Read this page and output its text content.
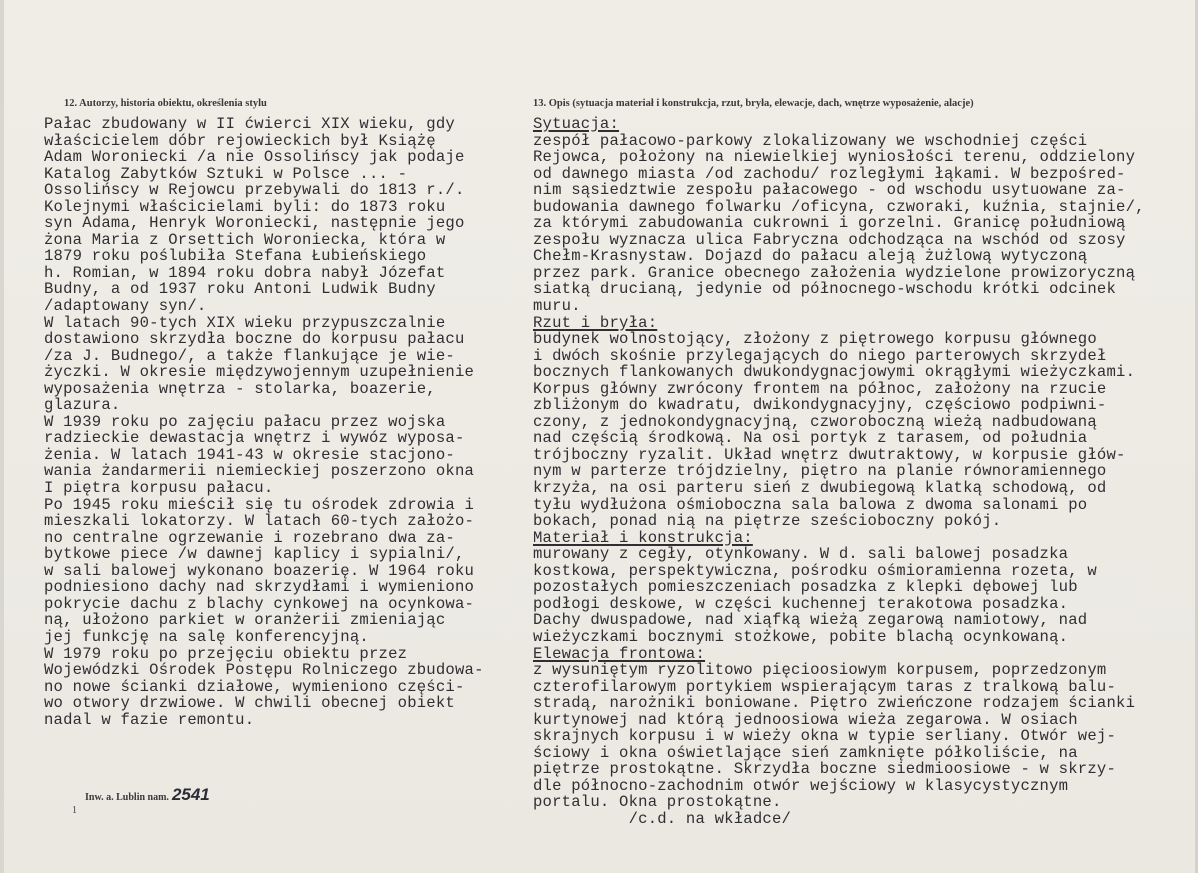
12. Autorzy, historia obiektu, określenia stylu	13. Opis (sytuacja materiał i konstrukcja, rzut, bryła, elewacje, dach, wnętrze wyposażenie, alacje)
Pałac zbudowany w II ćwierci XIX wieku, gdy
właścicielem dóbr rejowieckich był Książę
Adam Woroniecki /a nie Ossolińscy jak podaje
Katalog Zabytków Sztuki w Polsce ... -
Ossolińscy w Rejowcu przebywali do 1813 r./.
Kolejnymi właścicielami byli: do 1873 roku
syn Adama, Henryk Woroniecki, następnie jego
żona Maria z Orsettich Woroniecka, która w
1879 roku poślubiła Stefana Łubieńskiego
h. Romian, w 1894 roku dobra nabył Józefat
Budny, a od 1937 roku Antoni Ludwik Budny
/adaptowany syn/.
W latach 90-tych XIX wieku przypuszczalnie
dostawiono skrzydła boczne do korpusu pałacu
/za J. Budnego/, a także flankujące je wie-
życzki. W okresie międzywojennym uzupełnienie
wyposażenia wnętrza - stolarka, boazerie,
glazura.
W 1939 roku po zajęciu pałacu przez wojska
radzieckie dewastacja wnętrz i wywóz wyposa-
żenia. W latach 1941-43 w okresie stacjono-
wania żandarmerii niemieckiej poszerzono okna
I piętra korpusu pałacu.
Po 1945 roku mieścił się tu ośrodek zdrowia i
mieszkali lokatorzy. W latach 60-tych założo-
no centralne ogrzewanie i rozebrano dwa za-
bytkowe piece /w dawnej kaplicy i sypialni/,
w sali balowej wykonano boazerię. W 1964 roku
podniesiono dachy nad skrzydłami i wymieniono
pokrycie dachu z blachy cynkowej na ocynkowa-
ną, ułożono parkiet w oranżerii zmieniając
jej funkcję na salę konferencyjną.
W 1979 roku po przejęciu obiektu przez
Wojewódzki Ośrodek Postępu Rolniczego zbudowa-
no nowe ścianki działowe, wymieniono części-
wo otwory drzwiowe. W chwili obecnej obiekt
nadal w fazie remontu.
Sytuacja:
zespół pałacowo-parkowy zlokalizowany we wschodniej części
Rejowca, położony na niewielkiej wyniosłości terenu, oddzielony
od dawnego miasta /od zachodu/ rozległymi łąkami. W bezpośred-
nim sąsiedztwie zespołu pałacowego - od wschodu usytuowane za-
budowania dawnego folwarku /oficyna, czworaki, kuźnia, stajnie/,
za którymi zabudowania cukrowni i gorzelni. Granicę południową
zespołu wyznacza ulica Fabryczna odchodząca na wschód od szosy
Chełm-Krasnystaw. Dojazd do pałacu aleją żużlową wytyczoną
przez park. Granice obecnego założenia wydzielone prowizoryczną
siatką drucianą, jedynie od północnego-wschodu krótki odcinek
muru.
Rzut i bryła:
budynek wolnostojący, złożony z piętrowego korpusu głównego
i dwóch skośnie przylegających do niego parterowych skrzydeł
bocznych flankowanych dwukondygnacjowymi okrągłymi wieżyczkami.
Korpus główny zwrócony frontem na północ, założony na rzucie
zbliżonym do kwadratu, dwikondygnacyjny, częściowo podpiwni-
czony, z jednokondygnacyjną, czworoboczną wieżą nadbudowaną
nad częścią środkową. Na osi portyk z tarasem, od południa
trójboczny ryzalit. Układ wnętrz dwutraktowy, w korpusie głów-
nym w parterze trójdzielny, piętro na planie równoramiennego
krzyża, na osi parteru sień z dwubiegową klatką schodową, od
tyłu wydłużona ośmioboczna sala balowa z dwoma salonami po
bokach, ponad nią na piętrze sześcioboczny pokój.
Materiał i konstrukcja:
murowany z cegły, otynkowany. W d. sali balowej posadzka
kostkowa, perspektywiczna, pośrodku ośmioramienna rozeta, w
pozostałych pomieszczeniach posadzka z klepki dębowej lub
podłogi deskowe, w części kuchennej terakotowa posadzka.
Dachy dwuspadowe, nad xiąfką wieżą zegarową namiotowy, nad
wieżyczkami bocznymi stożkowe, pobite blachą ocynkowaną.
Elewacja frontowa:
z wysuniętym ryzolitowo pięcioosiowym korpusem, poprzedzonym
czterofilarowym portykiem wspierającym taras z tralkową balu-
stradą, narożniki boniowane. Piętro zwieńczone rodzajem ścianki
kurtynowej nad którą jednoosiowa wieża zegarowa. W osiach
skrajnych korpusu i w wieży okna w typie serliany. Otwór wej-
ściowy i okna oświetlające sień zamknięte półkoliście, na
piętrze prostokątne. Skrzydła boczne siedmioosiowe - w skrzy-
dle północno-zachodnim otwór wejściowy w klasycystycznym
portalu. Okna prostokątne.
/c.d. na wkładce/
Inw. a. Lublin nam. 2541
1
